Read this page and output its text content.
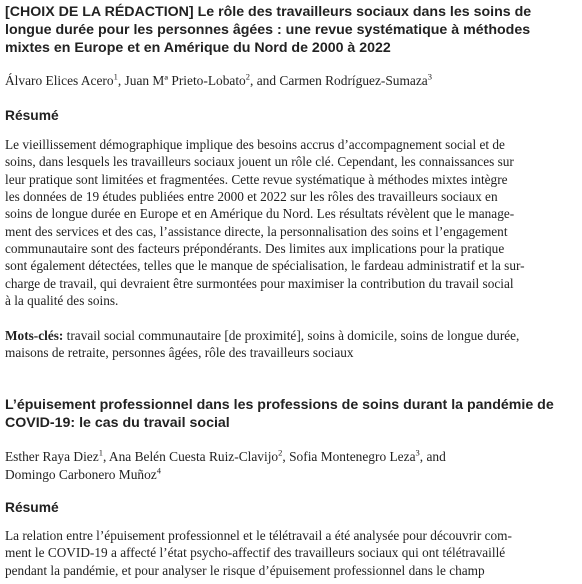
[CHOIX DE LA RÉDACTION] Le rôle des travailleurs sociaux dans les soins de
longue durée pour les personnes âgées : une revue systématique à méthodes
mixtes en Europe et en Amérique du Nord de 2000 à 2022

Álvaro Elices Acero$^1$, Juan Mª Prieto-Lobato$^2$, and Carmen Rodríguez-Sumaza$^3$

Résumé
Le vieillissement démographique implique des besoins accrus d’accompagnement social et de
soins, dans lesquels les travailleurs sociaux jouent un rôle clé. Cependant, les connaissances sur
leur pratique sont limitées et fragmentées. Cette revue systématique à méthodes mixtes intègre
les données de 19 études publiées entre 2000 et 2022 sur les rôles des travailleurs sociaux en
soins de longue durée en Europe et en Amérique du Nord. Les résultats révèlent que le manage-
ment des services et des cas, l’assistance directe, la personnalisation des soins et l’engagement
communautaire sont des facteurs prépondérants. Des limites aux implications pour la pratique
sont également détectées, telles que le manque de spécialisation, le fardeau administratif et la sur-
charge de travail, qui devraient être surmontées pour maximiser la contribution du travail social
à la qualité des soins.
Mots-clés: travail social communautaire [de proximité], soins à domicile, soins de longue durée,
maisons de retraite, personnes âgées, rôle des travailleurs sociaux
L’épuisement professionnel dans les professions de soins durant la pandémie de
COVID-19: le cas du travail social

Esther Raya Diez$^1$, Ana Belén Cuesta Ruiz-Clavijo$^2$, Sofia Montenegro Leza$^3$, and
Domingo Carbonero Muñoz$^4$

Résumé
La relation entre l’épuisement professionnel et le télétravail a été analysée pour découvrir com-
ment le COVID-19 a affecté l’état psycho-affectif des travailleurs sociaux qui ont télétravaillé
pendant la pandémie, et pour analyser le risque d’épuisement professionnel dans le champ
